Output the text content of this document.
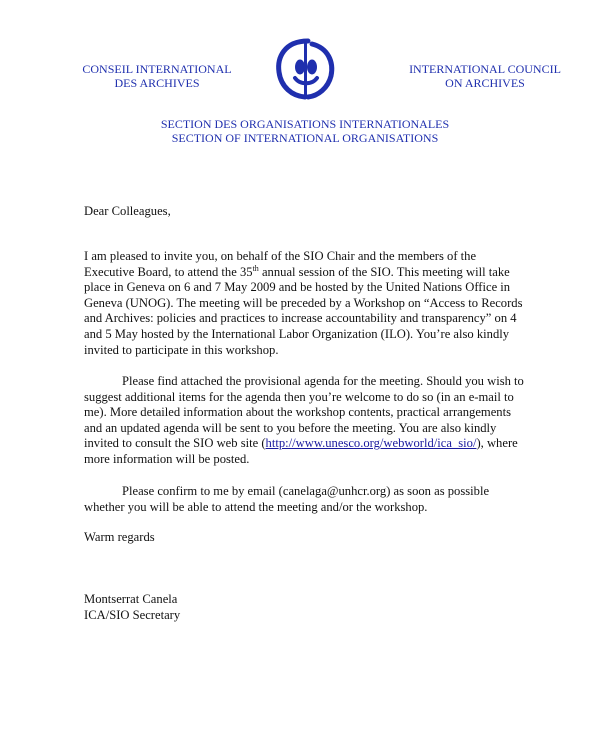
CONSEIL INTERNATIONAL
DES ARCHIVES
INTERNATIONAL COUNCIL
ON ARCHIVES
SECTION DES ORGANISATIONS INTERNATIONALES
SECTION OF INTERNATIONAL ORGANISATIONS
Dear Colleagues,

I am pleased to invite you, on behalf of the SIO Chair and the members of the

Executive Board, to attend the 35th annual session of the SIO. This meeting will take

place in Geneva on 6 and 7 May 2009 and be hosted by the United Nations Office in

Geneva (UNOG). The meeting will be preceded by a Workshop on “Access to Records

and Archives: policies and practices to increase accountability and transparency” on 4

and 5 May hosted by the International Labor Organization (ILO). You’re also kindly

invited to participate in this workshop.

Please find attached the provisional agenda for the meeting. Should you wish to

suggest additional items for the agenda then you’re welcome to do so (in an e-mail to

me). More detailed information about the workshop contents, practical arrangements

and an updated agenda will be sent to you before the meeting. You are also kindly

invited to consult the SIO web site (http://www.unesco.org/webworld/ica_sio/), where

more information will be posted.

Please confirm to me by email (canelaga@unhcr.org) as soon as possible

whether you will be able to attend the meeting and/or the workshop.

Warm regards
Montserrat Canela
ICA/SIO Secretary
